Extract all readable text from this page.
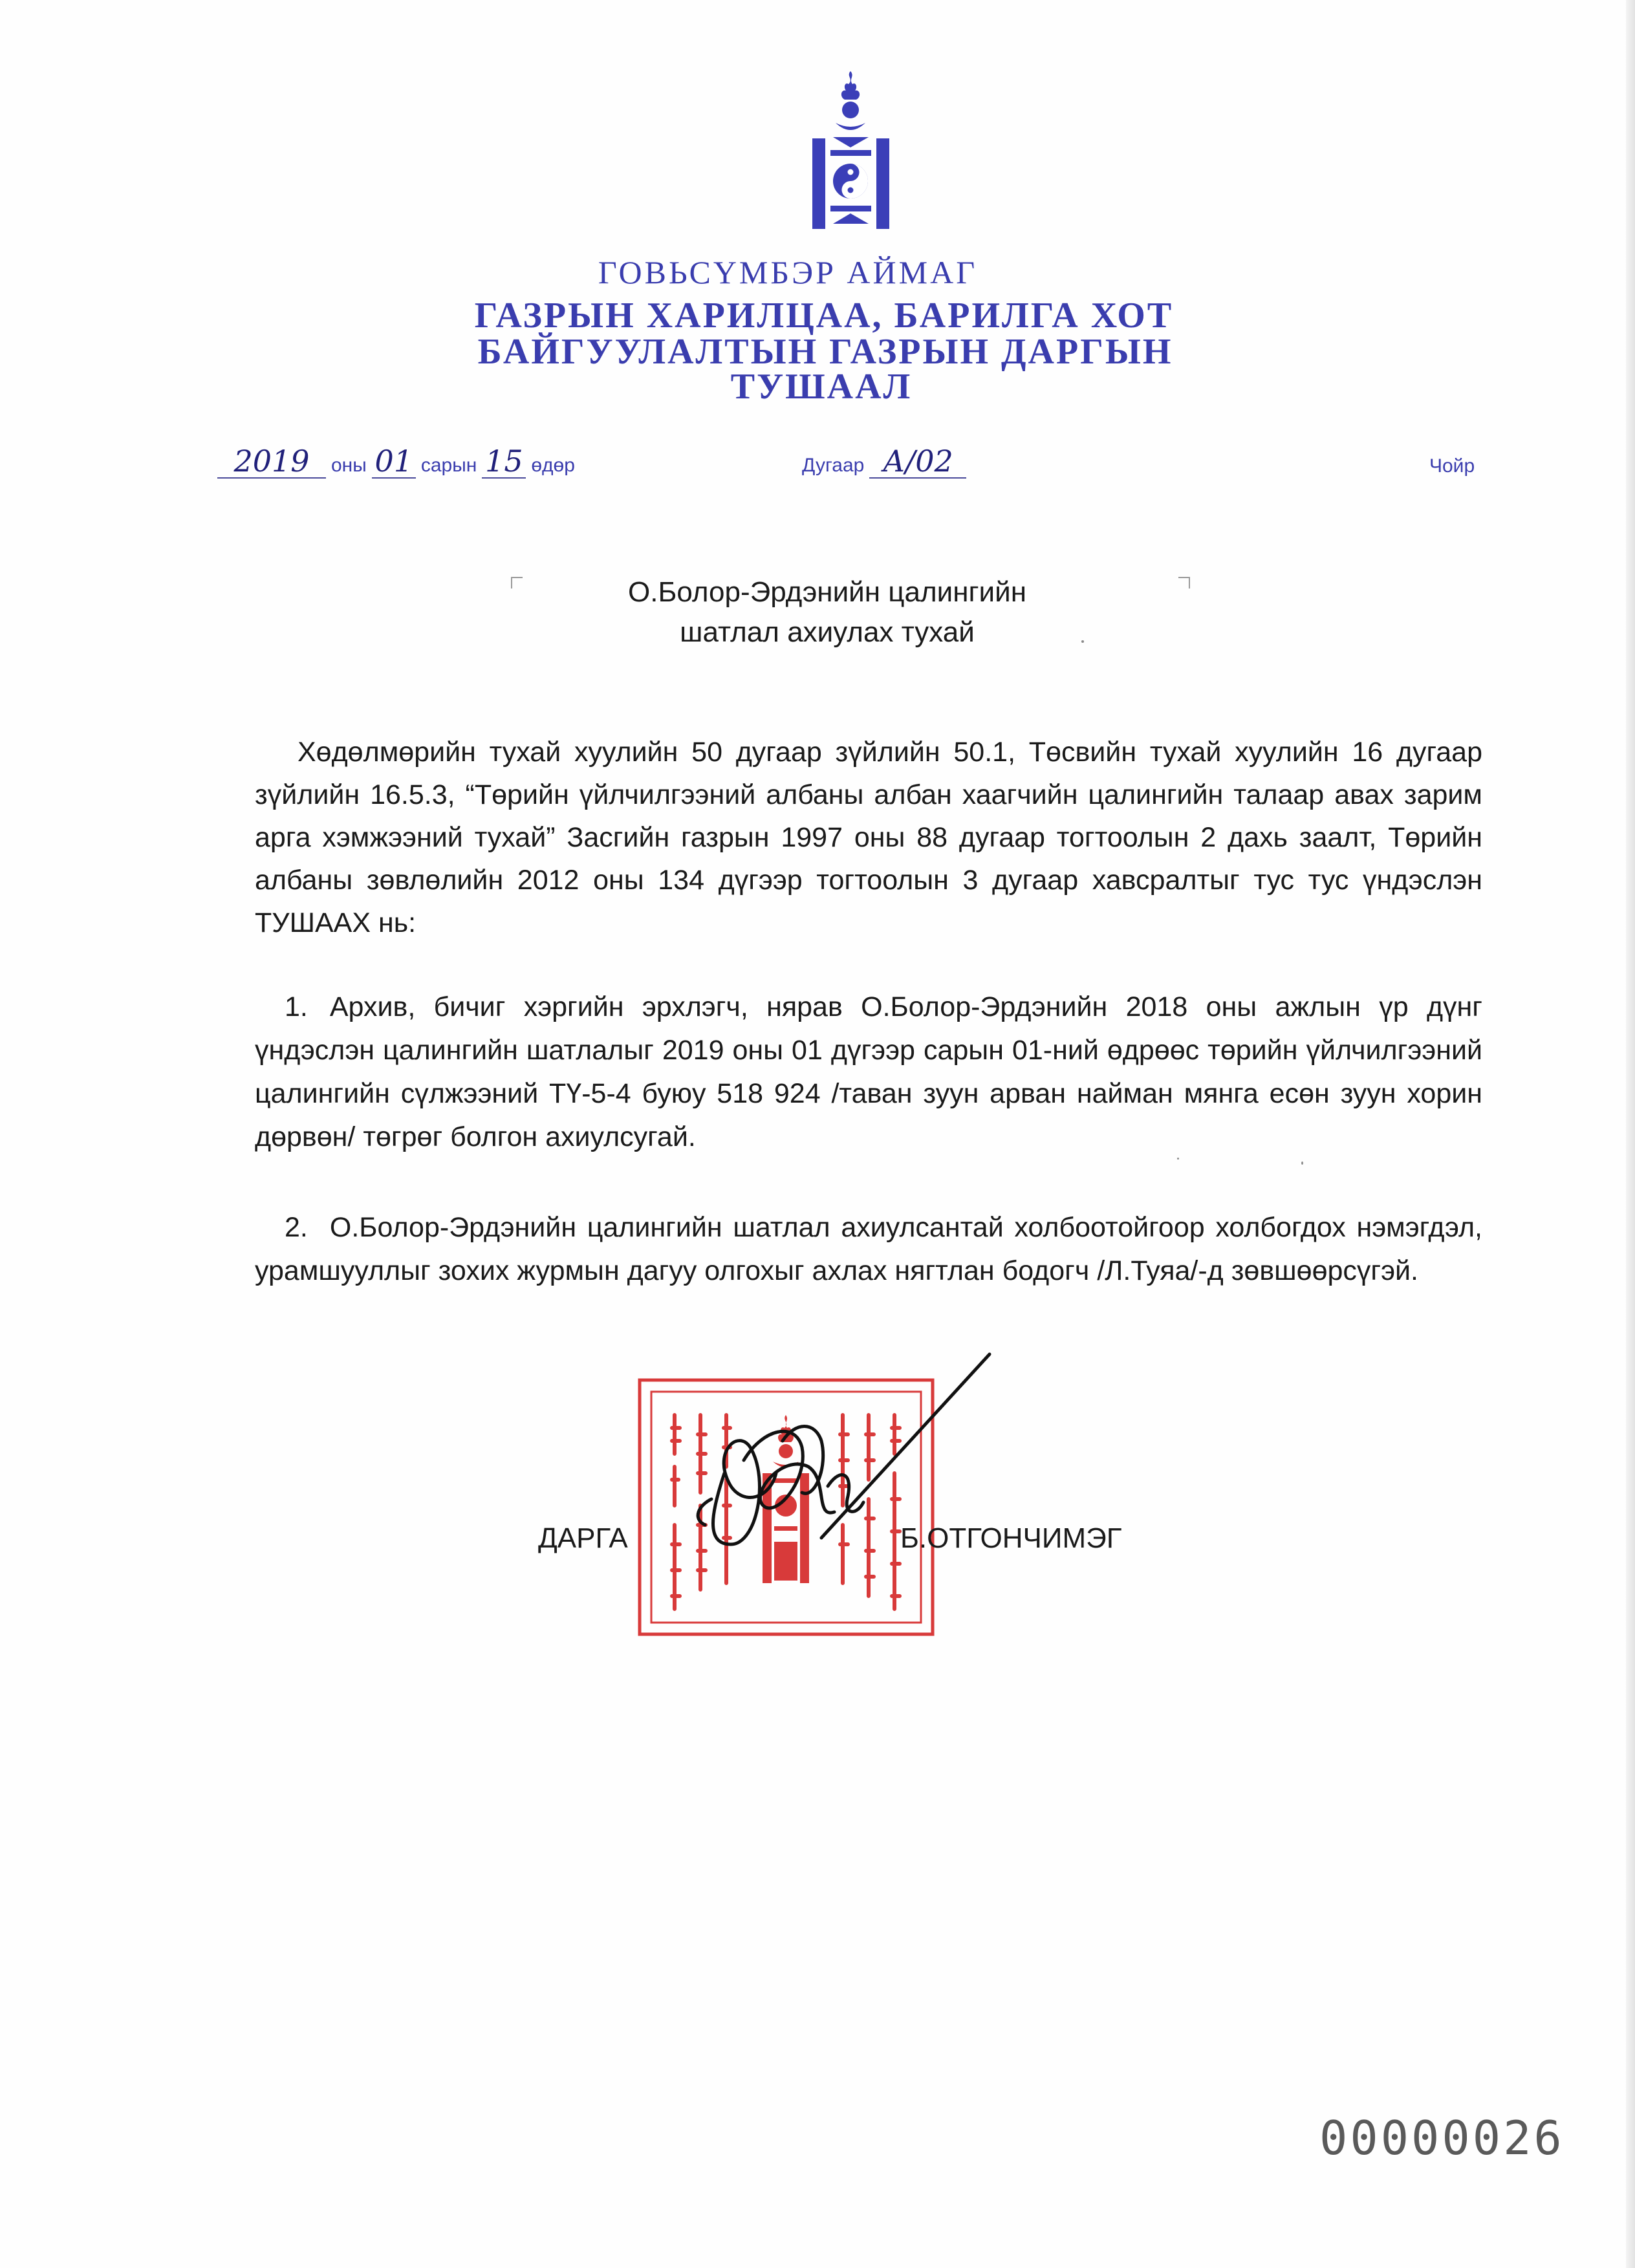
ГОВЬСҮМБЭР АЙМАГ
ГАЗРЫН ХАРИЛЦАА, БАРИЛГА ХОТ
БАЙГУУЛАЛТЫН ГАЗРЫН ДАРГЫН
ТУШААЛ
2019 оны 01 сарын 15 өдөр	Дугаар А/02	Чойр
О.Болор-Эрдэнийн цалингийн
шатлал ахиулах тухай
Хөдөлмөрийн тухай хуулийн 50 дугаар зүйлийн 50.1, Төсвийн тухай хуулийн 16 дугаар зүйлийн 16.5.3, “Төрийн үйлчилгээний албаны албан хаагчийн цалингийн талаар авах зарим арга хэмжээний тухай” Засгийн газрын 1997 оны 88 дугаар тогтоолын 2 дахь заалт, Төрийн албаны зөвлөлийн 2012 оны 134 дүгээр тогтоолын 3 дугаар хавсралтыг тус тус үндэслэн ТУШААХ нь:
1. Архив, бичиг хэргийн эрхлэгч, нярав О.Болор-Эрдэнийн 2018 оны ажлын үр дүнг үндэслэн цалингийн шатлалыг 2019 оны 01 дүгээр сарын 01-ний өдрөөс төрийн үйлчилгээний цалингийн сүлжээний ТҮ-5-4 буюу 518 924 /таван зуун арван найман мянга есөн зуун хорин дөрвөн/ төгрөг болгон ахиулсугай.
2. О.Болор-Эрдэнийн цалингийн шатлал ахиулсантай холбоотойгоор холбогдох нэмэгдэл, урамшууллыг зохих журмын дагуу олгохыг ахлах нягтлан бодогч /Л.Туяа/-д зөвшөөрсүгэй.
ДАРГА	Б.ОТГОНЧИМЭГ
00000026
